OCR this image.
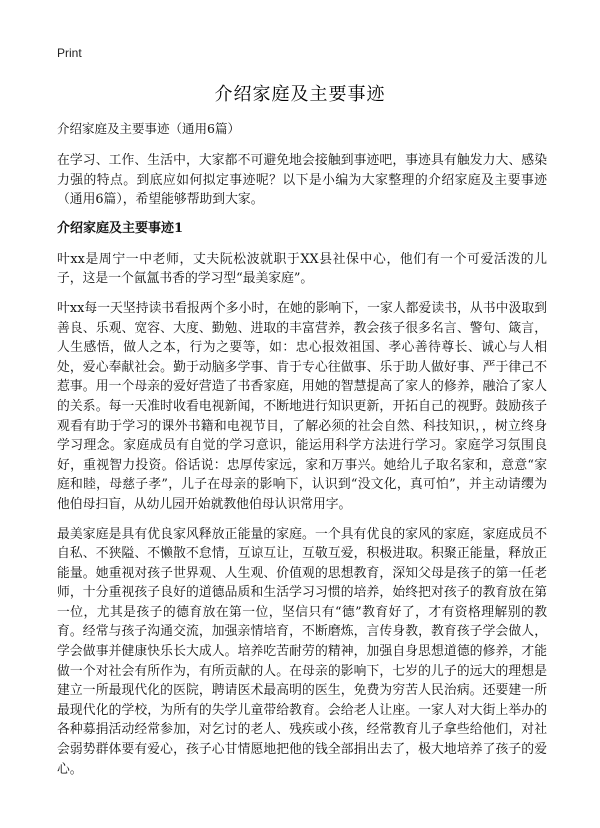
Print
介绍家庭及主要事迹
介绍家庭及主要事迹（通用6篇）

在学习、工作、生活中，大家都不可避免地会接触到事迹吧，事迹具有触发力大、感染力强的特点。到底应如何拟定事迹呢？以下是小编为大家整理的介绍家庭及主要事迹（通用6篇），希望能够帮助到大家。

介绍家庭及主要事迹1

叶xx是周宁一中老师，丈夫阮松波就职于XX县社保中心，他们有一个可爱活泼的儿子，这是一个氤氲书香的学习型“最美家庭”。

叶xx每一天坚持读书看报两个多小时，在她的影响下，一家人都爱读书，从书中汲取到善良、乐观、宽容、大度、勤勉、进取的丰富营养，教会孩子很多名言、警句、箴言，人生感悟，做人之本，行为之要等，如：忠心报效祖国、孝心善待尊长、诚心与人相处，爱心奉献社会。勤于动脑多学事、肯于专心往做事、乐于助人做好事、严于律己不惹事。用一个母亲的爱好营造了书香家庭，用她的智慧提高了家人的修养，融洽了家人的关系。每一天准时收看电视新闻，不断地进行知识更新，开拓自己的视野。鼓励孩子观看有助于学习的课外书籍和电视节目，了解必须的社会自然、科技知识，，树立终身学习理念。家庭成员有自觉的学习意识，能运用科学方法进行学习。家庭学习氛围良好，重视智力投资。俗话说：忠厚传家远，家和万事兴。她给儿子取名家和，意意“家庭和睦，母慈子孝”，儿子在母亲的影响下，认识到“没文化，真可怕”，并主动请缨为他伯母扫盲，从幼儿园开始就教他伯母认识常用字。

最美家庭是具有优良家风释放正能量的家庭。一个具有优良的家风的家庭，家庭成员不自私、不狭隘、不懒散不怠情，互谅互让，互敬互爱，积极进取。积聚正能量，释放正能量。她重视对孩子世界观、人生观、价值观的思想教育，深知父母是孩子的第一任老师，十分重视孩子良好的道德品质和生活学习习惯的培养，始终把对孩子的教育放在第一位，尤其是孩子的德育放在第一位，坚信只有“德”教育好了，才有资格理解别的教育。经常与孩子沟通交流，加强亲情培育，不断磨炼，言传身教，教育孩子学会做人，学会做事并健康快乐长大成人。培养吃苦耐劳的精神，加强自身思想道德的修养，才能做一个对社会有所作为，有所贡献的人。在母亲的影响下，七岁的儿子的远大的理想是建立一所最现代化的医院，聘请医术最高明的医生，免费为穷苦人民治病。还要建一所最现代化的学校，为所有的失学儿童带给教育。会给老人让座。一家人对大街上举办的各种募捐活动经常参加，对乞讨的老人、残疾或小孩，经常教育儿子拿些给他们，对社会弱势群体要有爱心，孩子心甘情愿地把他的钱全部捐出去了，极大地培养了孩子的爱心。
